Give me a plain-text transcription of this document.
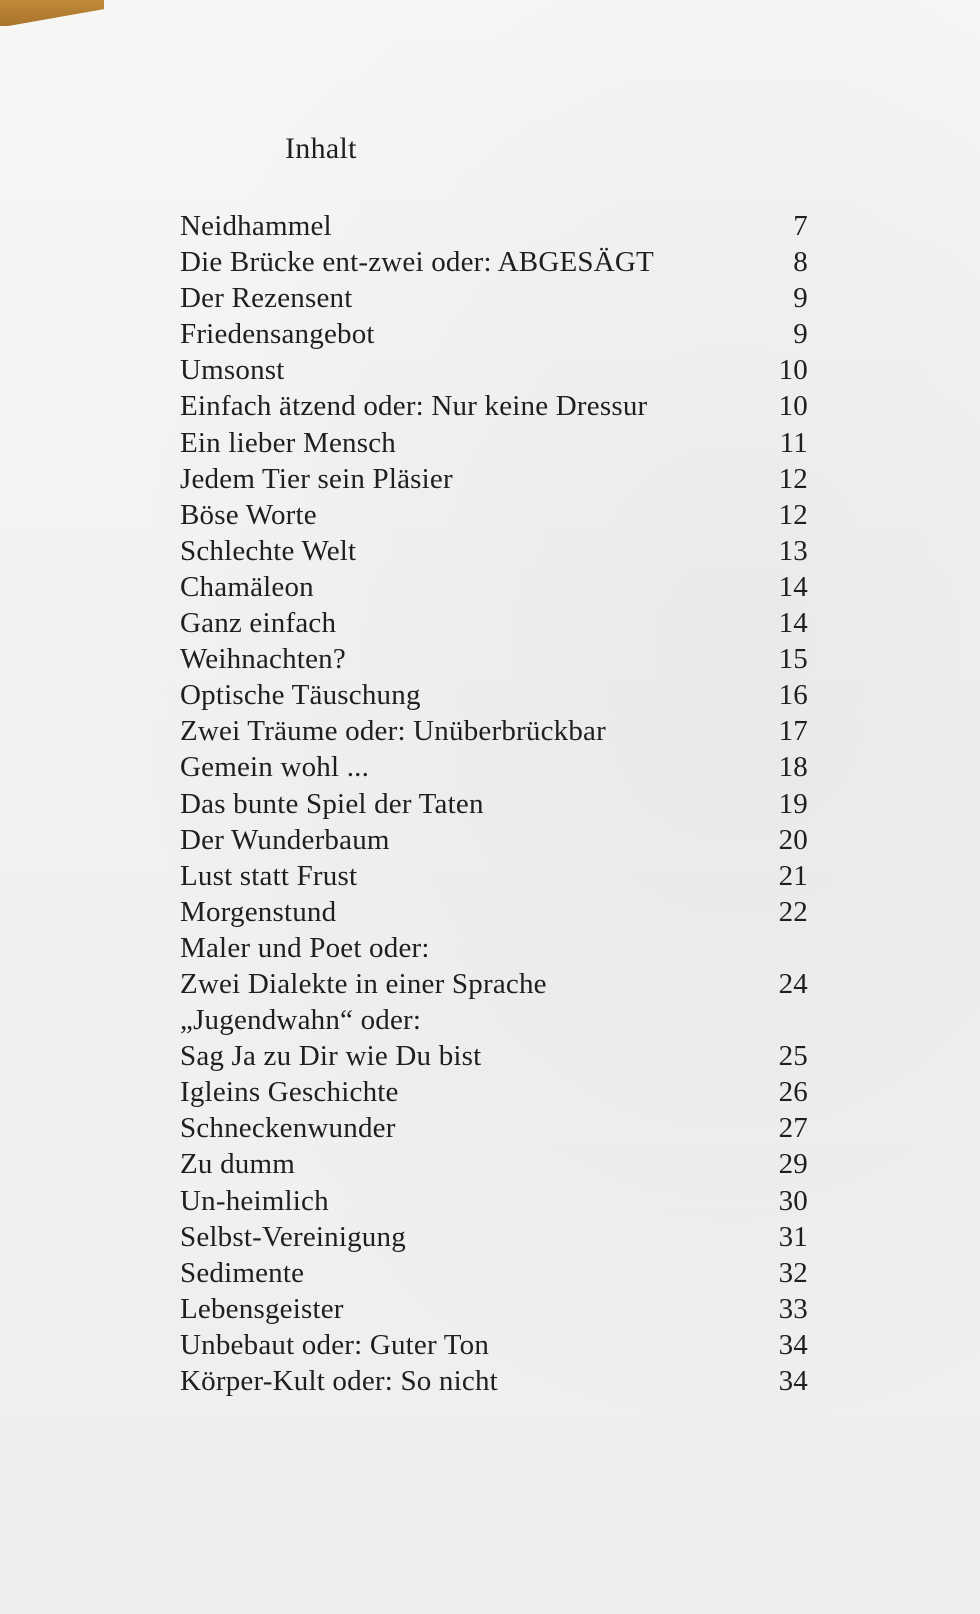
Inhalt
Neidhammel	7
Die Brücke ent-zwei oder: ABGESÄGT	8
Der Rezensent	9
Friedensangebot	9
Umsonst	10
Einfach ätzend oder: Nur keine Dressur	10
Ein lieber Mensch	11
Jedem Tier sein Pläsier	12
Böse Worte	12
Schlechte Welt	13
Chamäleon	14
Ganz einfach	14
Weihnachten?	15
Optische Täuschung	16
Zwei Träume oder: Unüberbrückbar	17
Gemein wohl ...	18
Das bunte Spiel der Taten	19
Der Wunderbaum	20
Lust statt Frust	21
Morgenstund	22
Maler und Poet oder:
Zwei Dialekte in einer Sprache	24
„Jugendwahn“ oder:
Sag Ja zu Dir wie Du bist	25
Igleins Geschichte	26
Schneckenwunder	27
Zu dumm	29
Un-heimlich	30
Selbst-Vereinigung	31
Sedimente	32
Lebensgeister	33
Unbebaut oder: Guter Ton	34
Körper-Kult oder: So nicht	34
